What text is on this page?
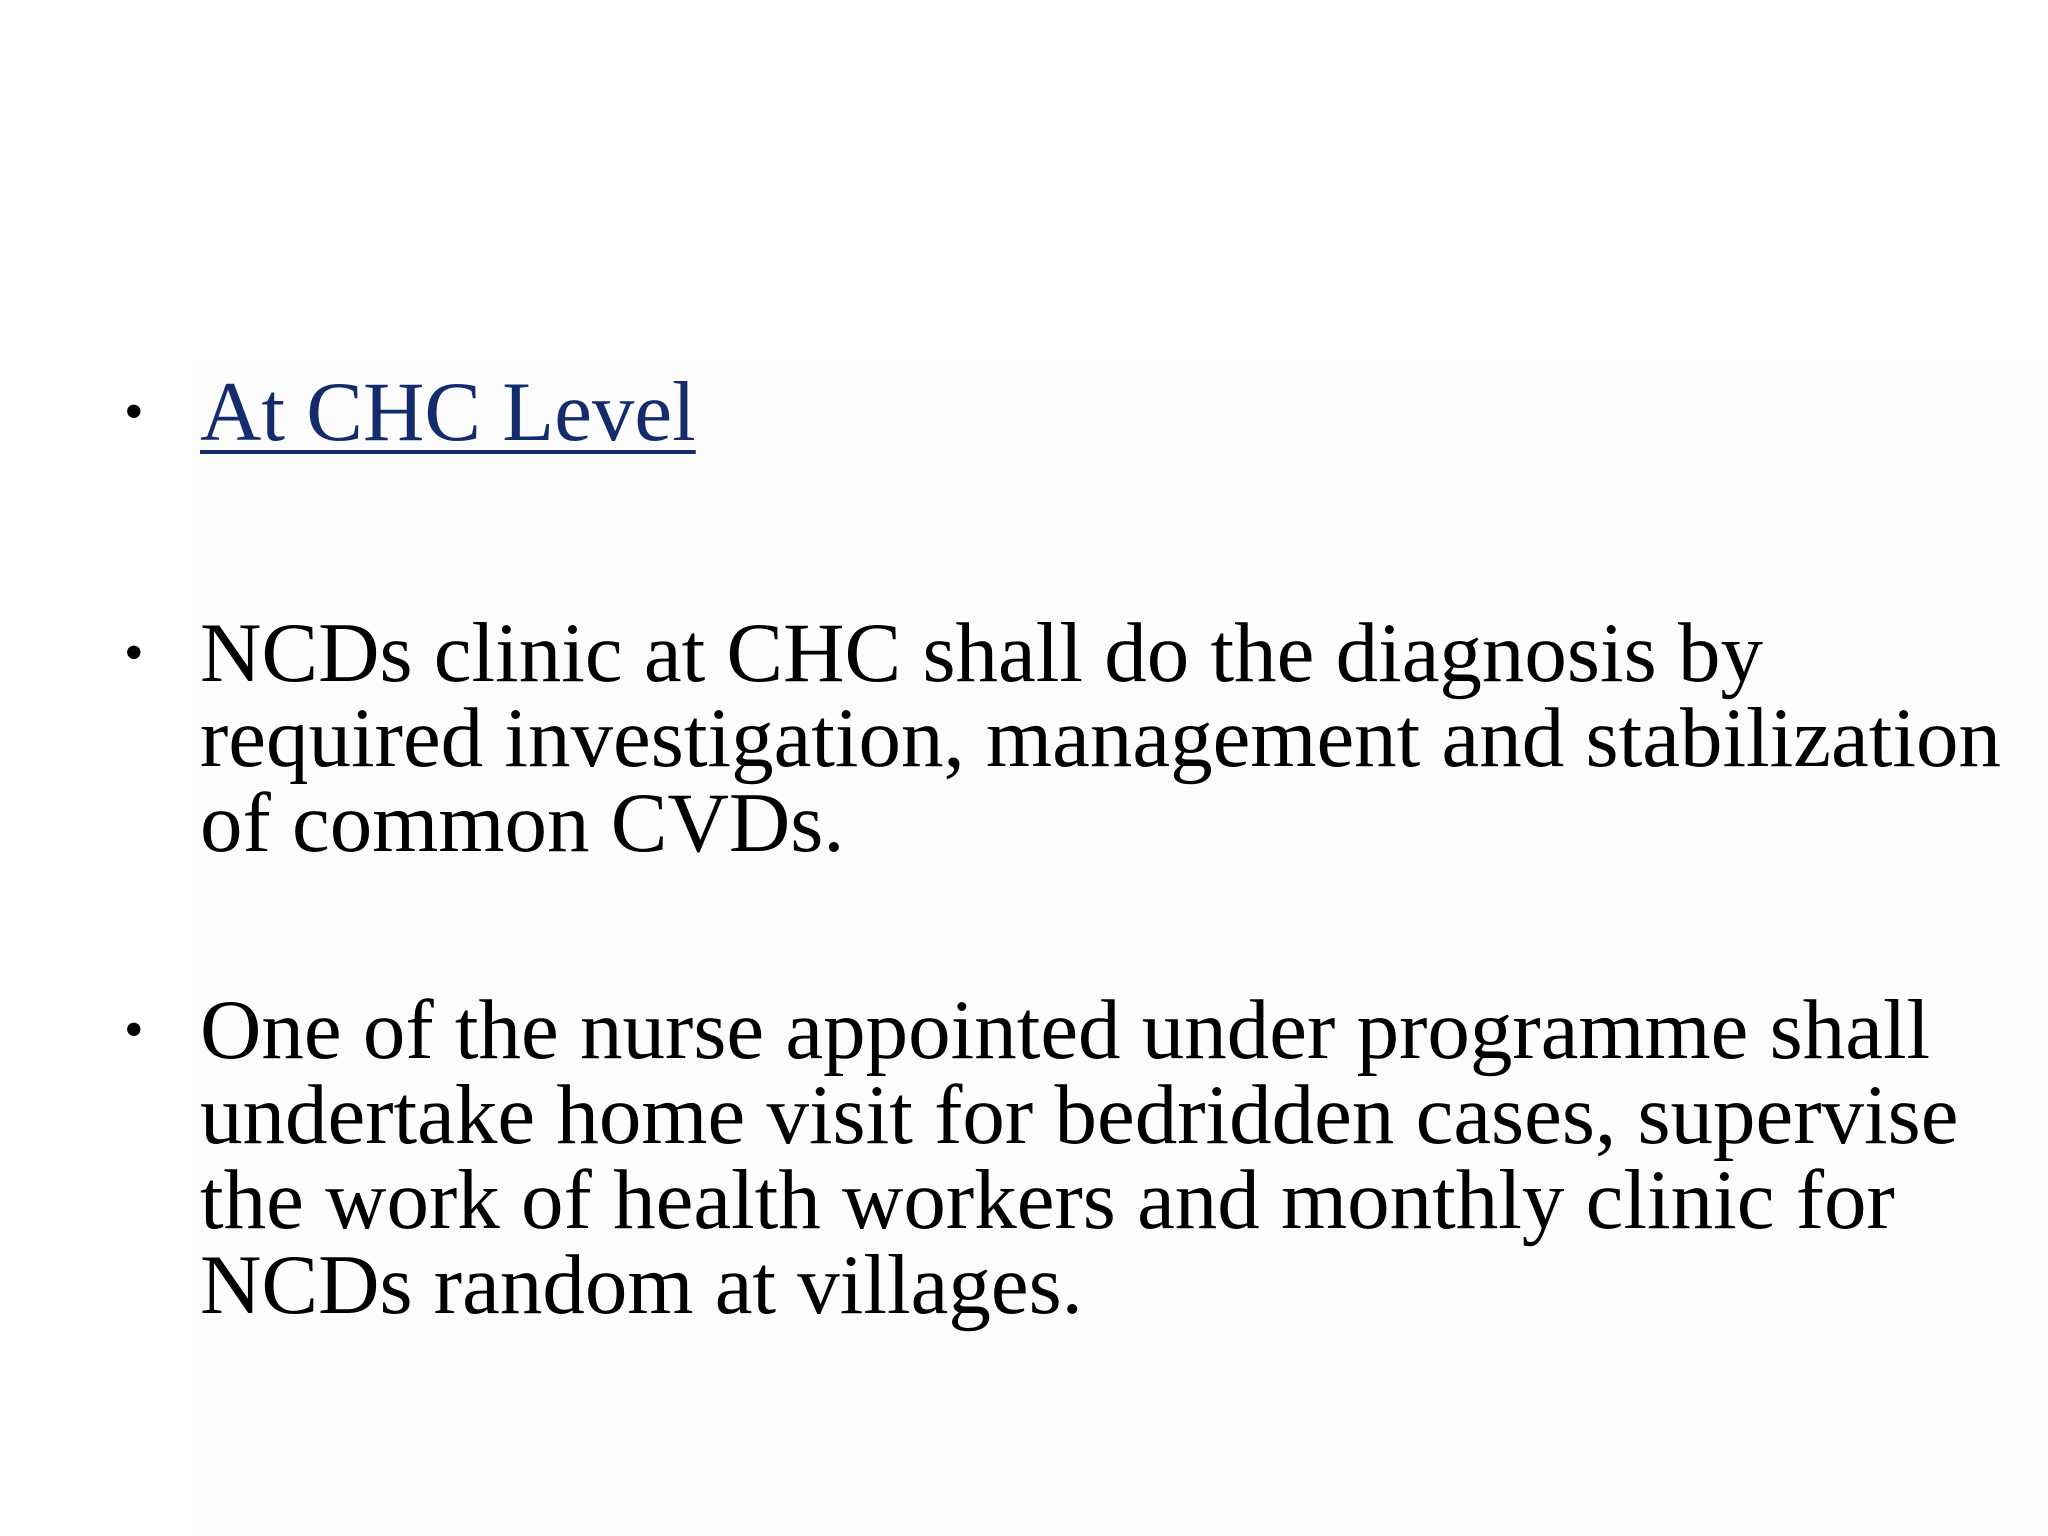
• At CHC Level
• NCDs clinic at CHC shall do the diagnosis by
required investigation, management and stabilization
of common CVDs.
• One of the nurse appointed under programme shall
undertake home visit for bedridden cases, supervise
the work of health workers and monthly clinic for
NCDs random at villages.
